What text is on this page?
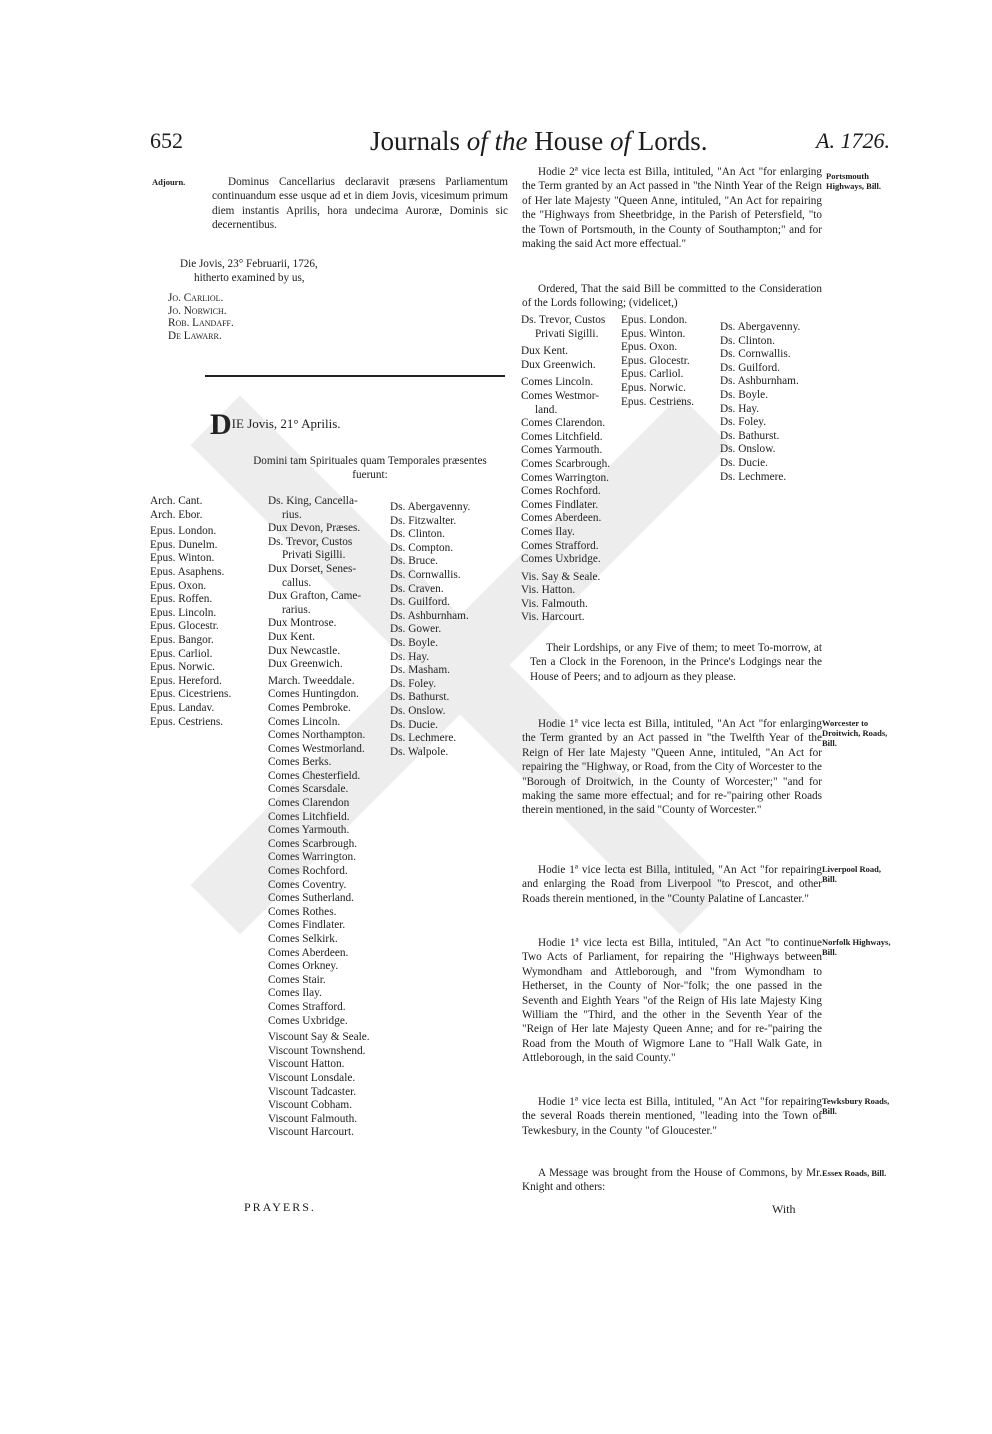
652	Journals of the House of Lords.	A. 1726.
Adjourn.	Dominus Cancellarius declaravit præsens Parliamentum continuandum esse usque ad et in diem Jovis, vicesimum primum diem instantis Aprilis, hora undecima Auroræ, Dominis sic decernentibus.
Die Jovis, 23° Februarii, 1726,
hitherto examined by us,
Jo. Carliol.
Jo. Norwich.
Rob. Landaff.
De Lawarr.
DIE Jovis, 21° Aprilis.
Domini tam Spirituales quam Temporales præsentes
fuerunt:
Arch. Cant.
Arch. Ebor.
Epus. London.
Epus. Dunelm.
Epus. Winton.
Epus. Asaphens.
Epus. Oxon.
Epus. Roffen.
Epus. Lincoln.
Epus. Glocestr.
Epus. Bangor.
Epus. Carliol.
Epus. Norwic.
Epus. Hereford.
Epus. Cicestriens.
Epus. Landav.
Epus. Cestriens.
Ds. King, Cancella-
rius.
Dux Devon, Præses.
Ds. Trevor, Custos
Privati Sigilli.
Dux Dorset, Senes-
callus.
Dux Grafton, Came-
rarius.
Dux Montrose.
Dux Kent.
Dux Newcastle.
Dux Greenwich.
March. Tweeddale.
Comes Huntingdon.
Comes Pembroke.
Comes Lincoln.
Comes Northampton.
Comes Westmorland.
Comes Berks.
Comes Chesterfield.
Comes Scarsdale.
Comes Clarendon
Comes Litchfield.
Comes Yarmouth.
Comes Scarbrough.
Comes Warrington.
Comes Rochford.
Comes Coventry.
Comes Sutherland.
Comes Rothes.
Comes Findlater.
Comes Selkirk.
Comes Aberdeen.
Comes Orkney.
Comes Stair.
Comes Ilay.
Comes Strafford.
Comes Uxbridge.
Viscount Say & Seale.
Viscount Townshend.
Viscount Hatton.
Viscount Lonsdale.
Viscount Tadcaster.
Viscount Cobham.
Viscount Falmouth.
Viscount Harcourt.
Ds. Abergavenny.
Ds. Fitzwalter.
Ds. Clinton.
Ds. Compton.
Ds. Bruce.
Ds. Cornwallis.
Ds. Craven.
Ds. Guilford.
Ds. Ashburnham.
Ds. Gower.
Ds. Boyle.
Ds. Hay.
Ds. Masham.
Ds. Foley.
Ds. Bathurst.
Ds. Onslow.
Ds. Ducie.
Ds. Lechmere.
Ds. Walpole.
PRAYERS.
Portsmouth Highways, Bill.
Hodie 2ª vice lecta est Billa, intituled, "An Act "for enlarging the Term granted by an Act passed in "the Ninth Year of the Reign of Her late Majesty "Queen Anne, intituled, "An Act for repairing the "Highways from Sheetbridge, in the Parish of Petersfield, "to the Town of Portsmouth, in the County of Southampton;" and for making the said Act more effectual."
Ordered, That the said Bill be committed to the Consideration of the Lords following; (videlicet,)
Ds. Trevor, Custos
Privati Sigilli.
Dux Kent.
Dux Greenwich.
Comes Lincoln.
Comes Westmor-
land.
Comes Clarendon.
Comes Litchfield.
Comes Yarmouth.
Comes Scarbrough.
Comes Warrington.
Comes Rochford.
Comes Findlater.
Comes Aberdeen.
Comes Ilay.
Comes Strafford.
Comes Uxbridge.
Vis. Say & Seale.
Vis. Hatton.
Vis. Falmouth.
Vis. Harcourt.
Epus. London.
Epus. Winton.
Epus. Oxon.
Epus. Glocestr.
Epus. Carliol.
Epus. Norwic.
Epus. Cestriens.
Ds. Abergavenny.
Ds. Clinton.
Ds. Cornwallis.
Ds. Guilford.
Ds. Ashburnham.
Ds. Boyle.
Ds. Hay.
Ds. Foley.
Ds. Bathurst.
Ds. Onslow.
Ds. Ducie.
Ds. Lechmere.
Their Lordships, or any Five of them; to meet To-morrow, at Ten a Clock in the Forenoon, in the Prince's Lodgings near the House of Peers; and to adjourn as they please.
Worcester to Droitwich, Roads, Bill.
Hodie 1ª vice lecta est Billa, intituled, "An Act "for enlarging the Term granted by an Act passed in "the Twelfth Year of the Reign of Her late Majesty "Queen Anne, intituled, "An Act for repairing the "Highway, or Road, from the City of Worcester to the "Borough of Droitwich, in the County of Worcester;" "and for making the same more effectual; and for re-"pairing other Roads therein mentioned, in the said "County of Worcester."
Liverpool Road, Bill.
Hodie 1ª vice lecta est Billa, intituled, "An Act "for repairing and enlarging the Road from Liverpool "to Prescot, and other Roads therein mentioned, in the "County Palatine of Lancaster."
Norfolk Highways, Bill.
Hodie 1ª vice lecta est Billa, intituled, "An Act "to continue Two Acts of Parliament, for repairing the "Highways between Wymondham and Attleborough, and "from Wymondham to Hetherset, in the County of Nor-"folk; the one passed in the Seventh and Eighth Years "of the Reign of His late Majesty King William the "Third, and the other in the Seventh Year of the "Reign of Her late Majesty Queen Anne; and for re-"pairing the Road from the Mouth of Wigmore Lane to "Hall Walk Gate, in Attleborough, in the said County."
Tewksbury Roads, Bill.
Hodie 1ª vice lecta est Billa, intituled, "An Act "for repairing the several Roads therein mentioned, "leading into the Town of Tewkesbury, in the County "of Gloucester."
Essex Roads, Bill.
A Message was brought from the House of Commons, by Mr. Knight and others:
With
